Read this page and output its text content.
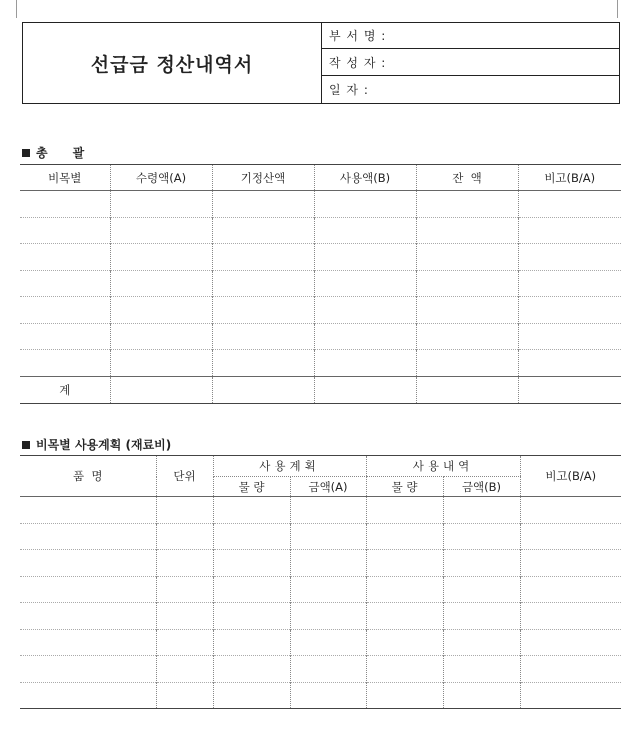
선급금 정산내역서
부 서 명 :
작 성 자 :
일 자 :
총      괄
비목별	수령액(A)	기정산액	사용액(B)	잔  액	비고(B/A)

계					
비목별 사용계획 (재료비)
품  명	단위	사용계획		사용내역		비고(B/A)
		물 량	금액(A)	물 량	금액(B)	
